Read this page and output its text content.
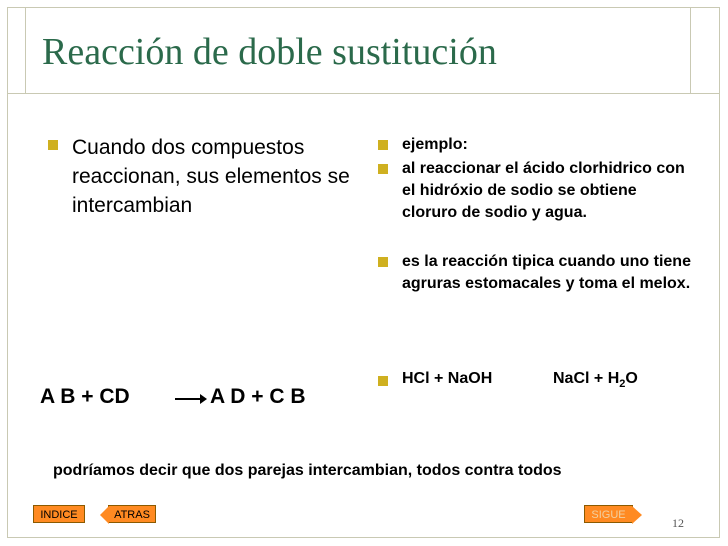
Reacción de doble sustitución
Cuando dos compuestos reaccionan, sus elementos se intercambian
ejemplo:
al reaccionar el ácido clorhidrico con el hidróxio de sodio se obtiene cloruro de sodio y agua.
es la reacción tipica cuando uno tiene agruras estomacales y toma el melox.
A B + CD	A D + C B
HCl + NaOH	NaCl + $H_2O$
podríamos decir que dos parejas intercambian, todos contra todos
INDICE	ATRAS	SIGUE
12
